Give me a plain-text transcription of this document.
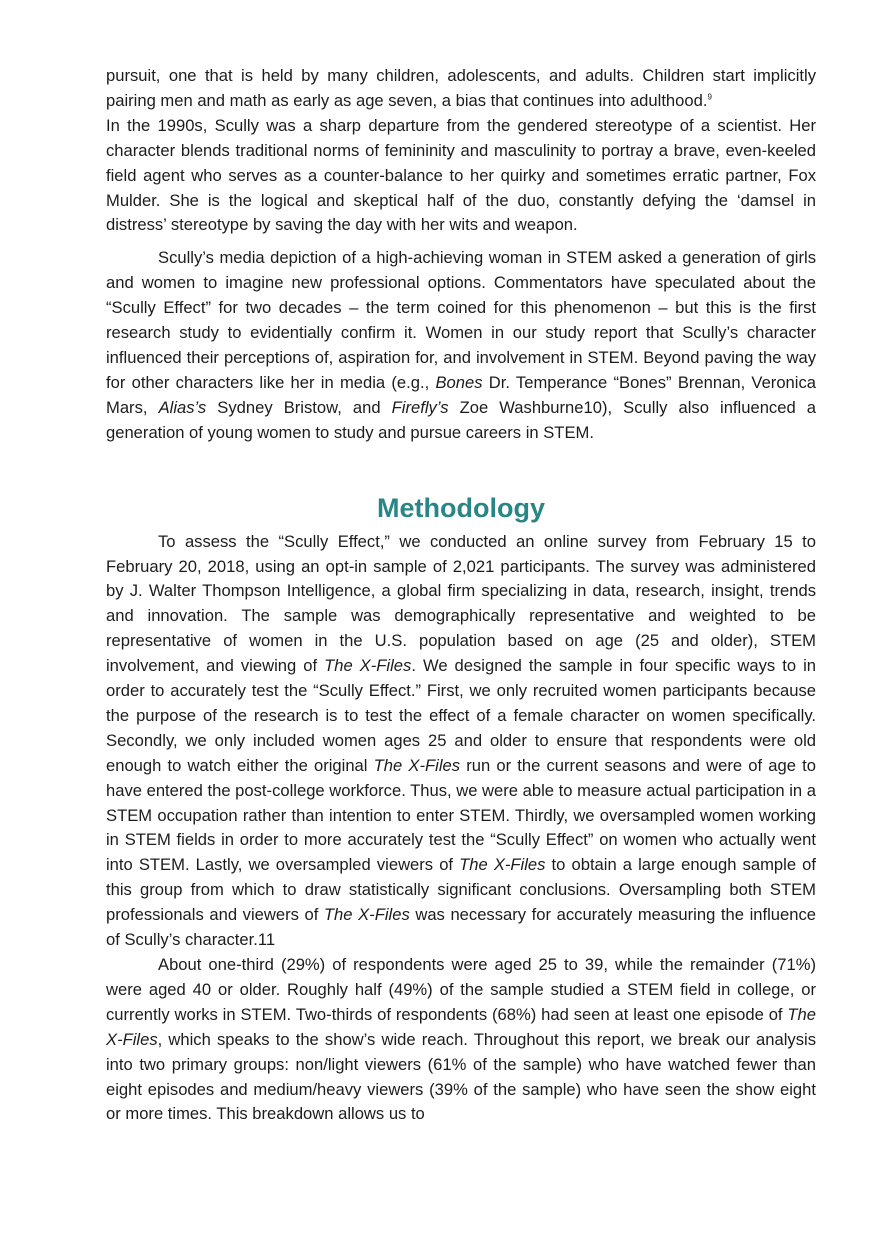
pursuit, one that is held by many children, adolescents, and adults. Children start implicitly pairing men and math as early as age seven, a bias that continues into adulthood.$^9$

In the 1990s, Scully was a sharp departure from the gendered stereotype of a scientist. Her character blends traditional norms of femininity and masculinity to portray a brave, even-keeled field agent who serves as a counter-balance to her quirky and sometimes erratic partner, Fox Mulder. She is the logical and skeptical half of the duo, constantly defying the ‘damsel in distress’ stereotype by saving the day with her wits and weapon.

Scully’s media depiction of a high-achieving woman in STEM asked a generation of girls and women to imagine new professional options. Commentators have speculated about the “Scully Effect” for two decades – the term coined for this phenomenon – but this is the first research study to evidentially confirm it. Women in our study report that Scully’s character influenced their perceptions of, aspiration for, and involvement in STEM. Beyond paving the way for other characters like her in media (e.g., Bones Dr. Temperance “Bones” Brennan, Veronica Mars, Alias’s Sydney Bristow, and Firefly’s Zoe Washburne10), Scully also influenced a generation of young women to study and pursue careers in STEM.

Methodology

To assess the “Scully Effect,” we conducted an online survey from February 15 to February 20, 2018, using an opt-in sample of 2,021 participants. The survey was administered by J. Walter Thompson Intelligence, a global firm specializing in data, research, insight, trends and innovation. The sample was demographically representative and weighted to be representative of women in the U.S. population based on age (25 and older), STEM involvement, and viewing of The X-Files. We designed the sample in four specific ways to in order to accurately test the “Scully Effect.” First, we only recruited women participants because the purpose of the research is to test the effect of a female character on women specifically. Secondly, we only included women ages 25 and older to ensure that respondents were old enough to watch either the original The X-Files run or the current seasons and were of age to have entered the post-college workforce. Thus, we were able to measure actual participation in a STEM occupation rather than intention to enter STEM. Thirdly, we oversampled women working in STEM fields in order to more accurately test the “Scully Effect” on women who actually went into STEM. Lastly, we oversampled viewers of The X-Files to obtain a large enough sample of this group from which to draw statistically significant conclusions. Oversampling both STEM professionals and viewers of The X-Files was necessary for accurately measuring the influence of Scully’s character.11

About one-third (29%) of respondents were aged 25 to 39, while the remainder (71%) were aged 40 or older. Roughly half (49%) of the sample studied a STEM field in college, or currently works in STEM. Two-thirds of respondents (68%) had seen at least one episode of The X-Files, which speaks to the show’s wide reach. Throughout this report, we break our analysis into two primary groups: non/light viewers (61% of the sample) who have watched fewer than eight episodes and medium/heavy viewers (39% of the sample) who have seen the show eight or more times. This breakdown allows us to
